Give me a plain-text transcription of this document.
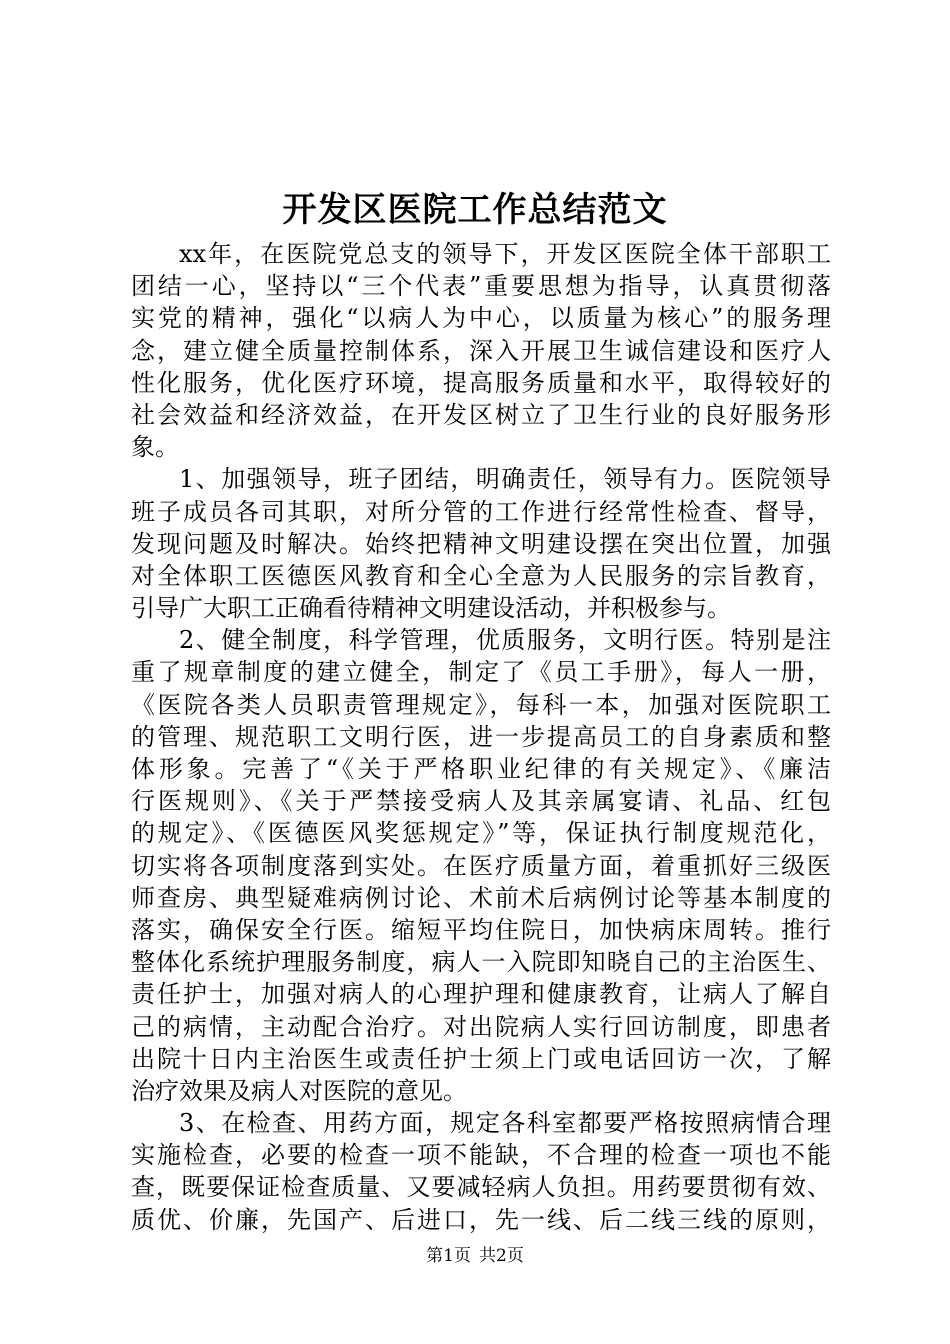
开发区医院工作总结范文
xx年，在医院党总支的领导下，开发区医院全体干部职工
团结一心，坚持以“三个代表”重要思想为指导，认真贯彻落
实党的精神，强化“以病人为中心，以质量为核心”的服务理
念，建立健全质量控制体系，深入开展卫生诚信建设和医疗人
性化服务，优化医疗环境，提高服务质量和水平，取得较好的
社会效益和经济效益，在开发区树立了卫生行业的良好服务形
象。
1、加强领导，班子团结，明确责任，领导有力。医院领导
班子成员各司其职，对所分管的工作进行经常性检查、督导，
发现问题及时解决。始终把精神文明建设摆在突出位置，加强
对全体职工医德医风教育和全心全意为人民服务的宗旨教育，
引导广大职工正确看待精神文明建设活动，并积极参与。
2、健全制度，科学管理，优质服务，文明行医。特别是注
重了规章制度的建立健全，制定了《员工手册》，每人一册，
《医院各类人员职责管理规定》，每科一本，加强对医院职工
的管理、规范职工文明行医，进一步提高员工的自身素质和整
体形象。完善了“《关于严格职业纪律的有关规定》、《廉洁
行医规则》、《关于严禁接受病人及其亲属宴请、礼品、红包
的规定》、《医德医风奖惩规定》”等，保证执行制度规范化，
切实将各项制度落到实处。在医疗质量方面，着重抓好三级医
师查房、典型疑难病例讨论、术前术后病例讨论等基本制度的
落实，确保安全行医。缩短平均住院日，加快病床周转。推行
整体化系统护理服务制度，病人一入院即知晓自己的主治医生、
责任护士，加强对病人的心理护理和健康教育，让病人了解自
己的病情，主动配合治疗。对出院病人实行回访制度，即患者
出院十日内主治医生或责任护士须上门或电话回访一次，了解
治疗效果及病人对医院的意见。
3、在检查、用药方面，规定各科室都要严格按照病情合理
实施检查，必要的检查一项不能缺，不合理的检查一项也不能
查，既要保证检查质量、又要减轻病人负担。用药要贯彻有效、
质优、价廉，先国产、后进口，先一线、后二线三线的原则，
第1页 共2页
